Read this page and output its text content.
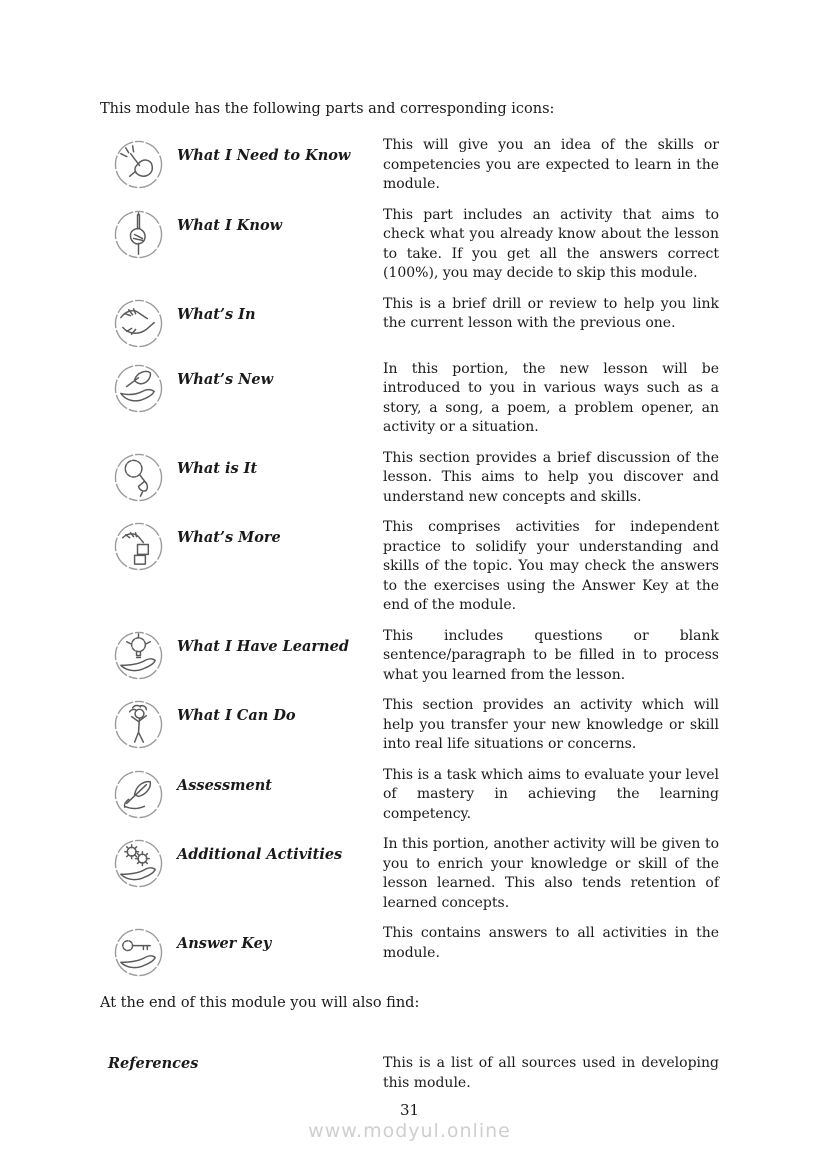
This module has the following parts and corresponding icons:
What I Need to Know
This will give you an idea of the skills or competencies you are expected to learn in the module.
What I Know
This part includes an activity that aims to check what you already know about the lesson to take. If you get all the answers correct (100%), you may decide to skip this module.
What’s In
This is a brief drill or review to help you link the current lesson with the previous one.
What’s New
In this portion, the new lesson will be introduced to you in various ways such as a story, a song, a poem, a problem opener, an activity or a situation.
What is It
This section provides a brief discussion of the lesson. This aims to help you discover and understand new concepts and skills.
What’s More
This comprises activities for independent practice to solidify your understanding and skills of the topic. You may check the answers to the exercises using the Answer Key at the end of the module.
What I Have Learned
This includes questions or blank sentence/paragraph to be filled in to process what you learned from the lesson.
What I Can Do
This section provides an activity which will help you transfer your new knowledge or skill into real life situations or concerns.
Assessment
This is a task which aims to evaluate your level of mastery in achieving the learning competency.
Additional Activities
In this portion, another activity will be given to you to enrich your knowledge or skill of the lesson learned. This also tends retention of learned concepts.
Answer Key
This contains answers to all activities in the module.
At the end of this module you will also find:
References	This is a list of all sources used in developing this module.
31
www.modyul.online
